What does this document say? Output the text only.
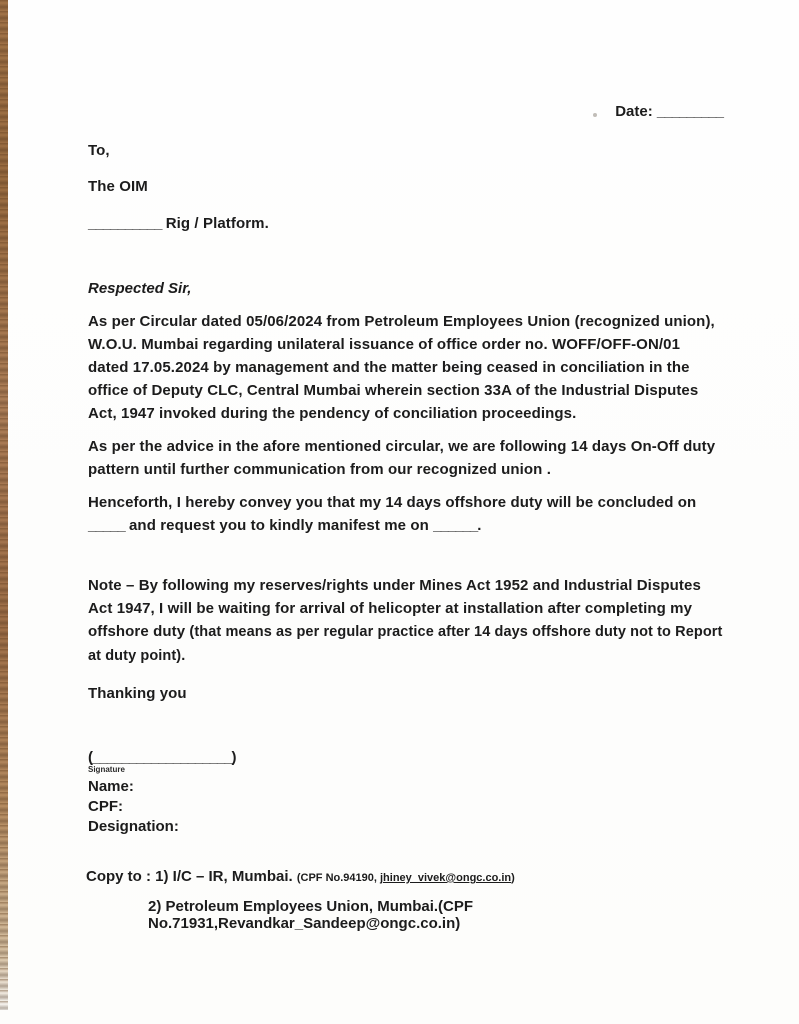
Date: _________
To,
The OIM
__________ Rig / Platform.
Respected Sir,

As per Circular dated 05/06/2024 from Petroleum Employees Union (recognized union), W.O.U. Mumbai regarding unilateral issuance of office order no. WOFF/OFF-ON/01 dated 17.05.2024 by management and the matter being ceased in conciliation in the office of Deputy CLC, Central Mumbai wherein section 33A of the Industrial Disputes Act, 1947 invoked during the pendency of conciliation proceedings.

As per the advice in the afore mentioned circular, we are following 14 days On-Off duty pattern until further communication from our recognized union .

Henceforth, I hereby convey you that my 14 days offshore duty will be concluded on _____ and request you to kindly manifest me on ______.

Note – By following my reserves/rights under Mines Act 1952 and Industrial Disputes Act 1947, I will be waiting for arrival of helicopter at installation after completing my offshore duty (that means as per regular practice after 14 days offshore duty not to Report at duty point).

Thanking you
(___________________)
Signature
Name:
CPF:
Designation:
Copy to : 1) I/C – IR, Mumbai. (CPF No.94190, jhiney_vivek@ongc.co.in)
2) Petroleum Employees Union, Mumbai.(CPF No.71931,Revandkar_Sandeep@ongc.co.in)
